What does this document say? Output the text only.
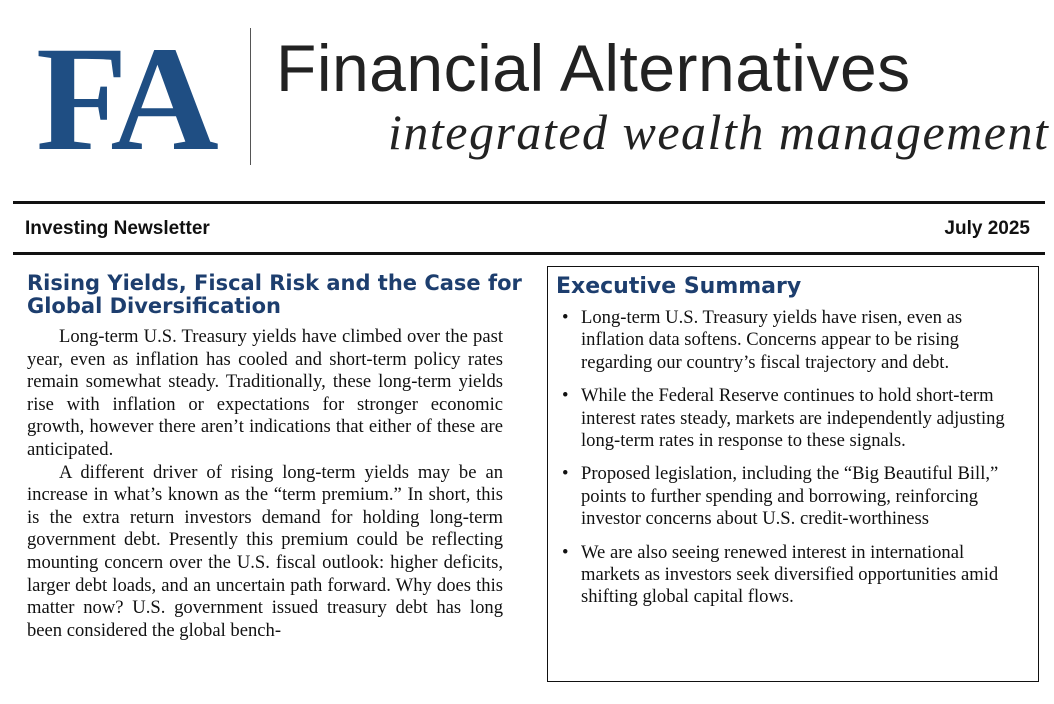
FA Financial Alternatives
integrated wealth management
Investing Newsletter	July 2025
Rising Yields, Fiscal Risk and the Case for Global Diversification

Long-term U.S. Treasury yields have climbed over the past year, even as inflation has cooled and short-term policy rates remain somewhat steady. Traditionally, these long-term yields rise with inflation or expectations for stronger economic growth, however there aren’t indications that either of these are anticipated.

A different driver of rising long-term yields may be an increase in what’s known as the “term premium.” In short, this is the extra return investors demand for holding long-term government debt. Presently this premium could be reflecting mounting concern over the U.S. fiscal outlook: higher deficits, larger debt loads, and an uncertain path forward. Why does this matter now? U.S. government issued treasury debt has long been considered the global bench-

Executive Summary
• Long-term U.S. Treasury yields have risen, even as inflation data softens. Concerns appear to be rising regarding our country’s fiscal trajectory and debt.
• While the Federal Reserve continues to hold short-term interest rates steady, markets are independently adjusting long-term rates in response to these signals.
• Proposed legislation, including the “Big Beautiful Bill,” points to further spending and borrowing, reinforcing investor concerns about U.S. credit-worthiness
• We are also seeing renewed interest in international markets as investors seek diversified opportunities amid shifting global capital flows.
